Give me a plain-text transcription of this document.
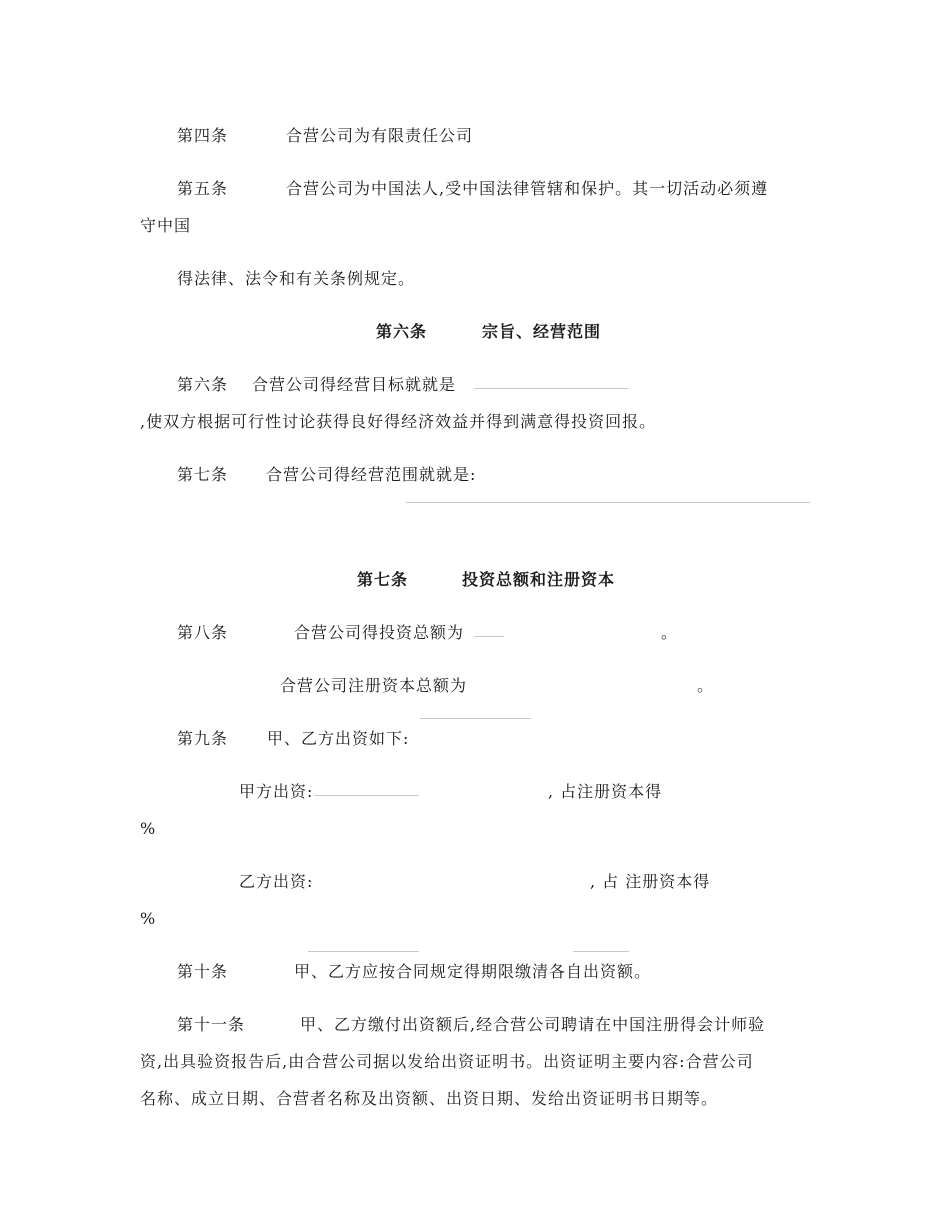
第四条	合营公司为有限责任公司
第五条	合营公司为中国法人,受中国法律管辖和保护。其一切活动必须遵
守中国
得法律、法令和有关条例规定。
第六条	宗旨、经营范围
第六条 合营公司得经营目标就就是
,使双方根据可行性讨论获得良好得经济效益并得到满意得投资回报。
第七条 合营公司得经营范围就就是:
第七条	投资总额和注册资本
第八条	合营公司得投资总额为	。
合营公司注册资本总额为	。
第九条 甲、乙方出资如下:
甲方出资:	, 占注册资本得
%
乙方出资:	, 占 注册资本得
%
第十条	甲、乙方应按合同规定得期限缴清各自出资额。
第十一条	甲、乙方缴付出资额后,经合营公司聘请在中国注册得会计师验
资,出具验资报告后,由合营公司据以发给出资证明书。出资证明主要内容:合营公司
名称、成立日期、合营者名称及出资额、出资日期、发给出资证明书日期等。
